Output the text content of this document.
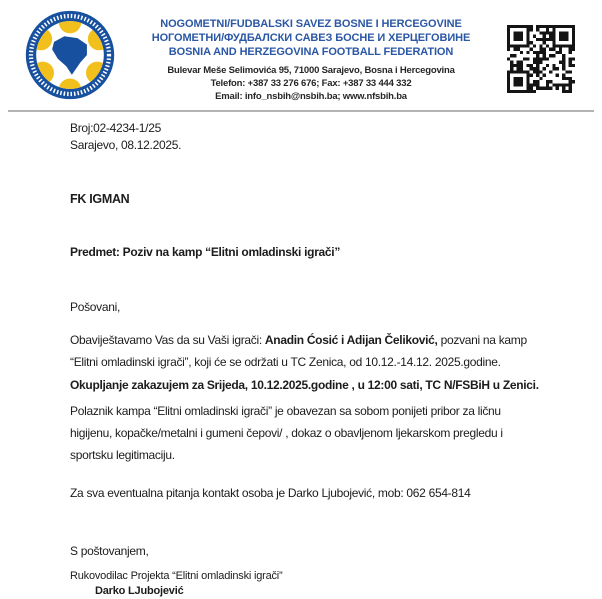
NOGOMETNI/FUDBALSKI SAVEZ BOSNE I HERCEGOVINE
НОГОМЕТНИ/ФУДБАЛСКИ САВЕЗ БОСНЕ И ХЕРЦЕГОВИНЕ
BOSNIA AND HERZEGOVINA FOOTBALL FEDERATION
Bulevar Meše Selimovića 95, 71000 Sarajevo, Bosna i Hercegovina
Telefon: +387 33 276 676; Fax: +387 33 444 332
Email: info_nsbih@nsbih.ba; www.nfsbih.ba
Broj:02-4234-1/25
Sarajevo, 08.12.2025.
FK IGMAN
Predmet: Poziv na kamp “Elitni omladinski igrači”
Pošovani,
Obaviještavamo Vas da su Vaši igrači: Anadin Ćosić i Adijan Čeliković, pozvani na kamp
“Elitni omladinski igrači”, koji će se održati u TC Zenica, od 10.12.-14.12. 2025.godine.
Okupljanje zakazujem za Srijeda, 10.12.2025.godine , u 12:00 sati, TC N/FSBiH u Zenici.
Polaznik kampa “Elitni omladinski igrači” je obavezan sa sobom ponijeti pribor za ličnu
higijenu, kopačke/metalni i gumeni čepovi/ , dokaz o obavljenom ljekarskom pregledu i
sportsku legitimaciju.
Za sva eventualna pitanja kontakt osoba je Darko Ljubojević, mob: 062 654-814
S poštovanjem,
Rukovodilac Projekta “Elitni omladinski igrači”
Darko LJubojević
